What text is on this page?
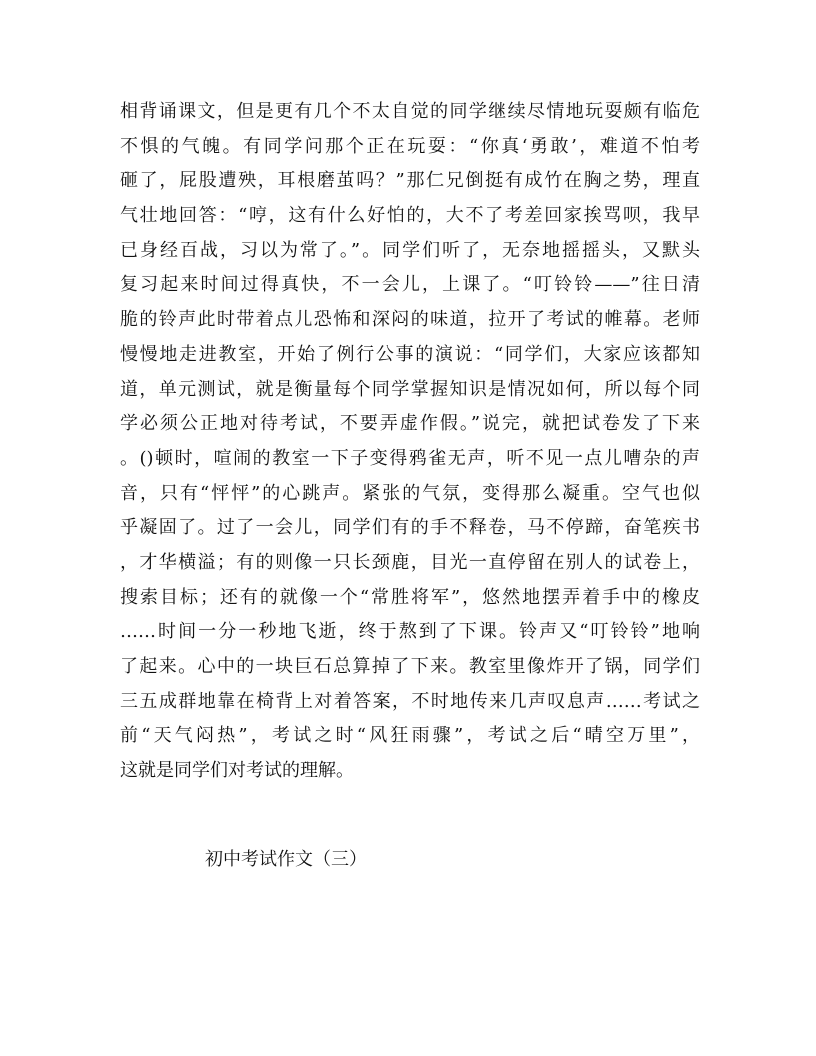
相背诵课文，但是更有几个不太自觉的同学继续尽情地玩耍颇有临危
不惧的气魄。有同学问那个正在玩耍：“你真‘勇敢’，难道不怕考
砸了，屁股遭殃，耳根磨茧吗？”那仁兄倒挺有成竹在胸之势，理直
气壮地回答：“哼，这有什么好怕的，大不了考差回家挨骂呗，我早
已身经百战，习以为常了。”。同学们听了，无奈地摇摇头，又默头
复习起来时间过得真快，不一会儿，上课了。“叮铃铃——”往日清
脆的铃声此时带着点儿恐怖和深闷的味道，拉开了考试的帷幕。老师
慢慢地走进教室，开始了例行公事的演说：“同学们，大家应该都知
道，单元测试，就是衡量每个同学掌握知识是情况如何，所以每个同
学必须公正地对待考试，不要弄虚作假。”说完，就把试卷发了下来
。()顿时，喧闹的教室一下子变得鸦雀无声，听不见一点儿嘈杂的声
音，只有“怦怦”的心跳声。紧张的气氛，变得那么凝重。空气也似
乎凝固了。过了一会儿，同学们有的手不释卷，马不停蹄，奋笔疾书
，才华横溢；有的则像一只长颈鹿，目光一直停留在别人的试卷上，
搜索目标；还有的就像一个“常胜将军”，悠然地摆弄着手中的橡皮
……时间一分一秒地飞逝，终于熬到了下课。铃声又“叮铃铃”地响
了起来。心中的一块巨石总算掉了下来。教室里像炸开了锅，同学们
三五成群地靠在椅背上对着答案，不时地传来几声叹息声……考试之
前“天气闷热”，考试之时“风狂雨骤”，考试之后“晴空万里”，
这就是同学们对考试的理解。

初中考试作文（三）
